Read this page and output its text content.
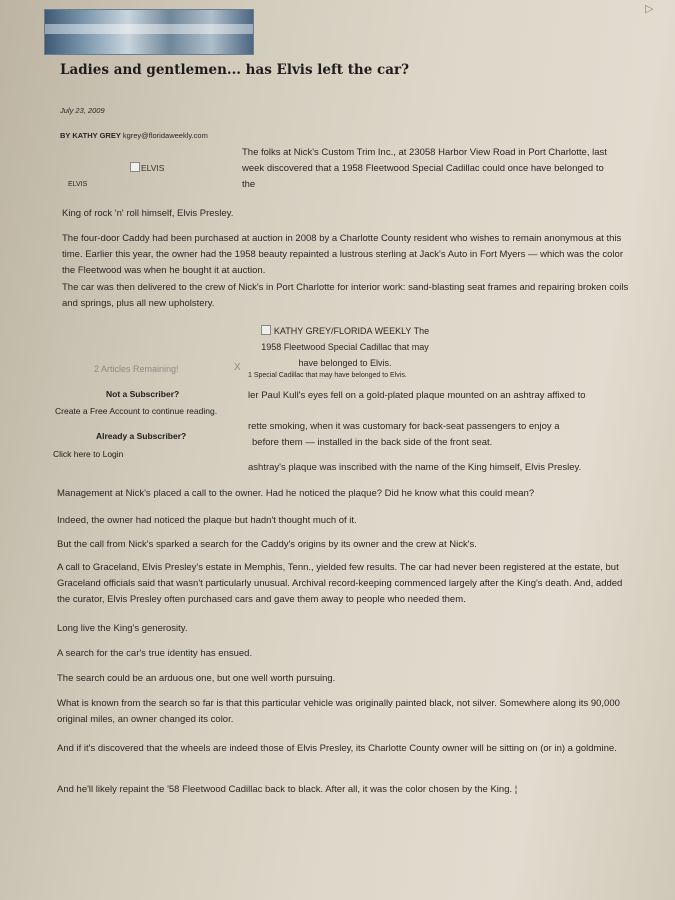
▷
Ladies and gentlemen... has Elvis left the car?
July 23, 2009
BY KATHY GREY kgrey@floridaweekly.com
ELVIS
ELVIS

The folks at Nick's Custom Trim Inc., at 23058 Harbor View Road in Port Charlotte, last week discovered that a 1958 Fleetwood Special Cadillac could once have belonged to the

King of rock 'n' roll himself, Elvis Presley.

The four-door Caddy had been purchased at auction in 2008 by a Charlotte County resident who wishes to remain anonymous at this time. Earlier this year, the owner had the 1958 beauty repainted a lustrous sterling at Jack's Auto in Fort Myers — which was the color the Fleetwood was when he bought it at auction.

The car was then delivered to the crew of Nick's in Port Charlotte for interior work: sand-blasting seat frames and repairing broken coils and springs, plus all new upholstery.

KATHY GREY/FLORIDA WEEKLY The 1958 Fleetwood Special Cadillac that may have belonged to Elvis.
1 Special Cadillac that may have belonged to Elvis.
2 Articles Remaining!	X
Not a Subscriber?
Create a Free Account to continue reading.
Already a Subscriber?
Click here to Login
ler Paul Kull's eyes fell on a gold-plated plaque mounted on an ashtray affixed to
rette smoking, when it was customary for back-seat passengers to enjoy a
before them — installed in the back side of the front seat.
ashtray's plaque was inscribed with the name of the King himself, Elvis Presley.

Management at Nick's placed a call to the owner. Had he noticed the plaque? Did he know what this could mean?

Indeed, the owner had noticed the plaque but hadn't thought much of it.

But the call from Nick's sparked a search for the Caddy's origins by its owner and the crew at Nick's.

A call to Graceland, Elvis Presley's estate in Memphis, Tenn., yielded few results. The car had never been registered at the estate, but Graceland officials said that wasn't particularly unusual. Archival record-keeping commenced largely after the King's death. And, added the curator, Elvis Presley often purchased cars and gave them away to people who needed them.

Long live the King's generosity.

A search for the car's true identity has ensued.

The search could be an arduous one, but one well worth pursuing.

What is known from the search so far is that this particular vehicle was originally painted black, not silver. Somewhere along its 90,000 original miles, an owner changed its color.

And if it's discovered that the wheels are indeed those of Elvis Presley, its Charlotte County owner will be sitting on (or in) a goldmine.

And he'll likely repaint the '58 Fleetwood Cadillac back to black. After all, it was the color chosen by the King. ¦
